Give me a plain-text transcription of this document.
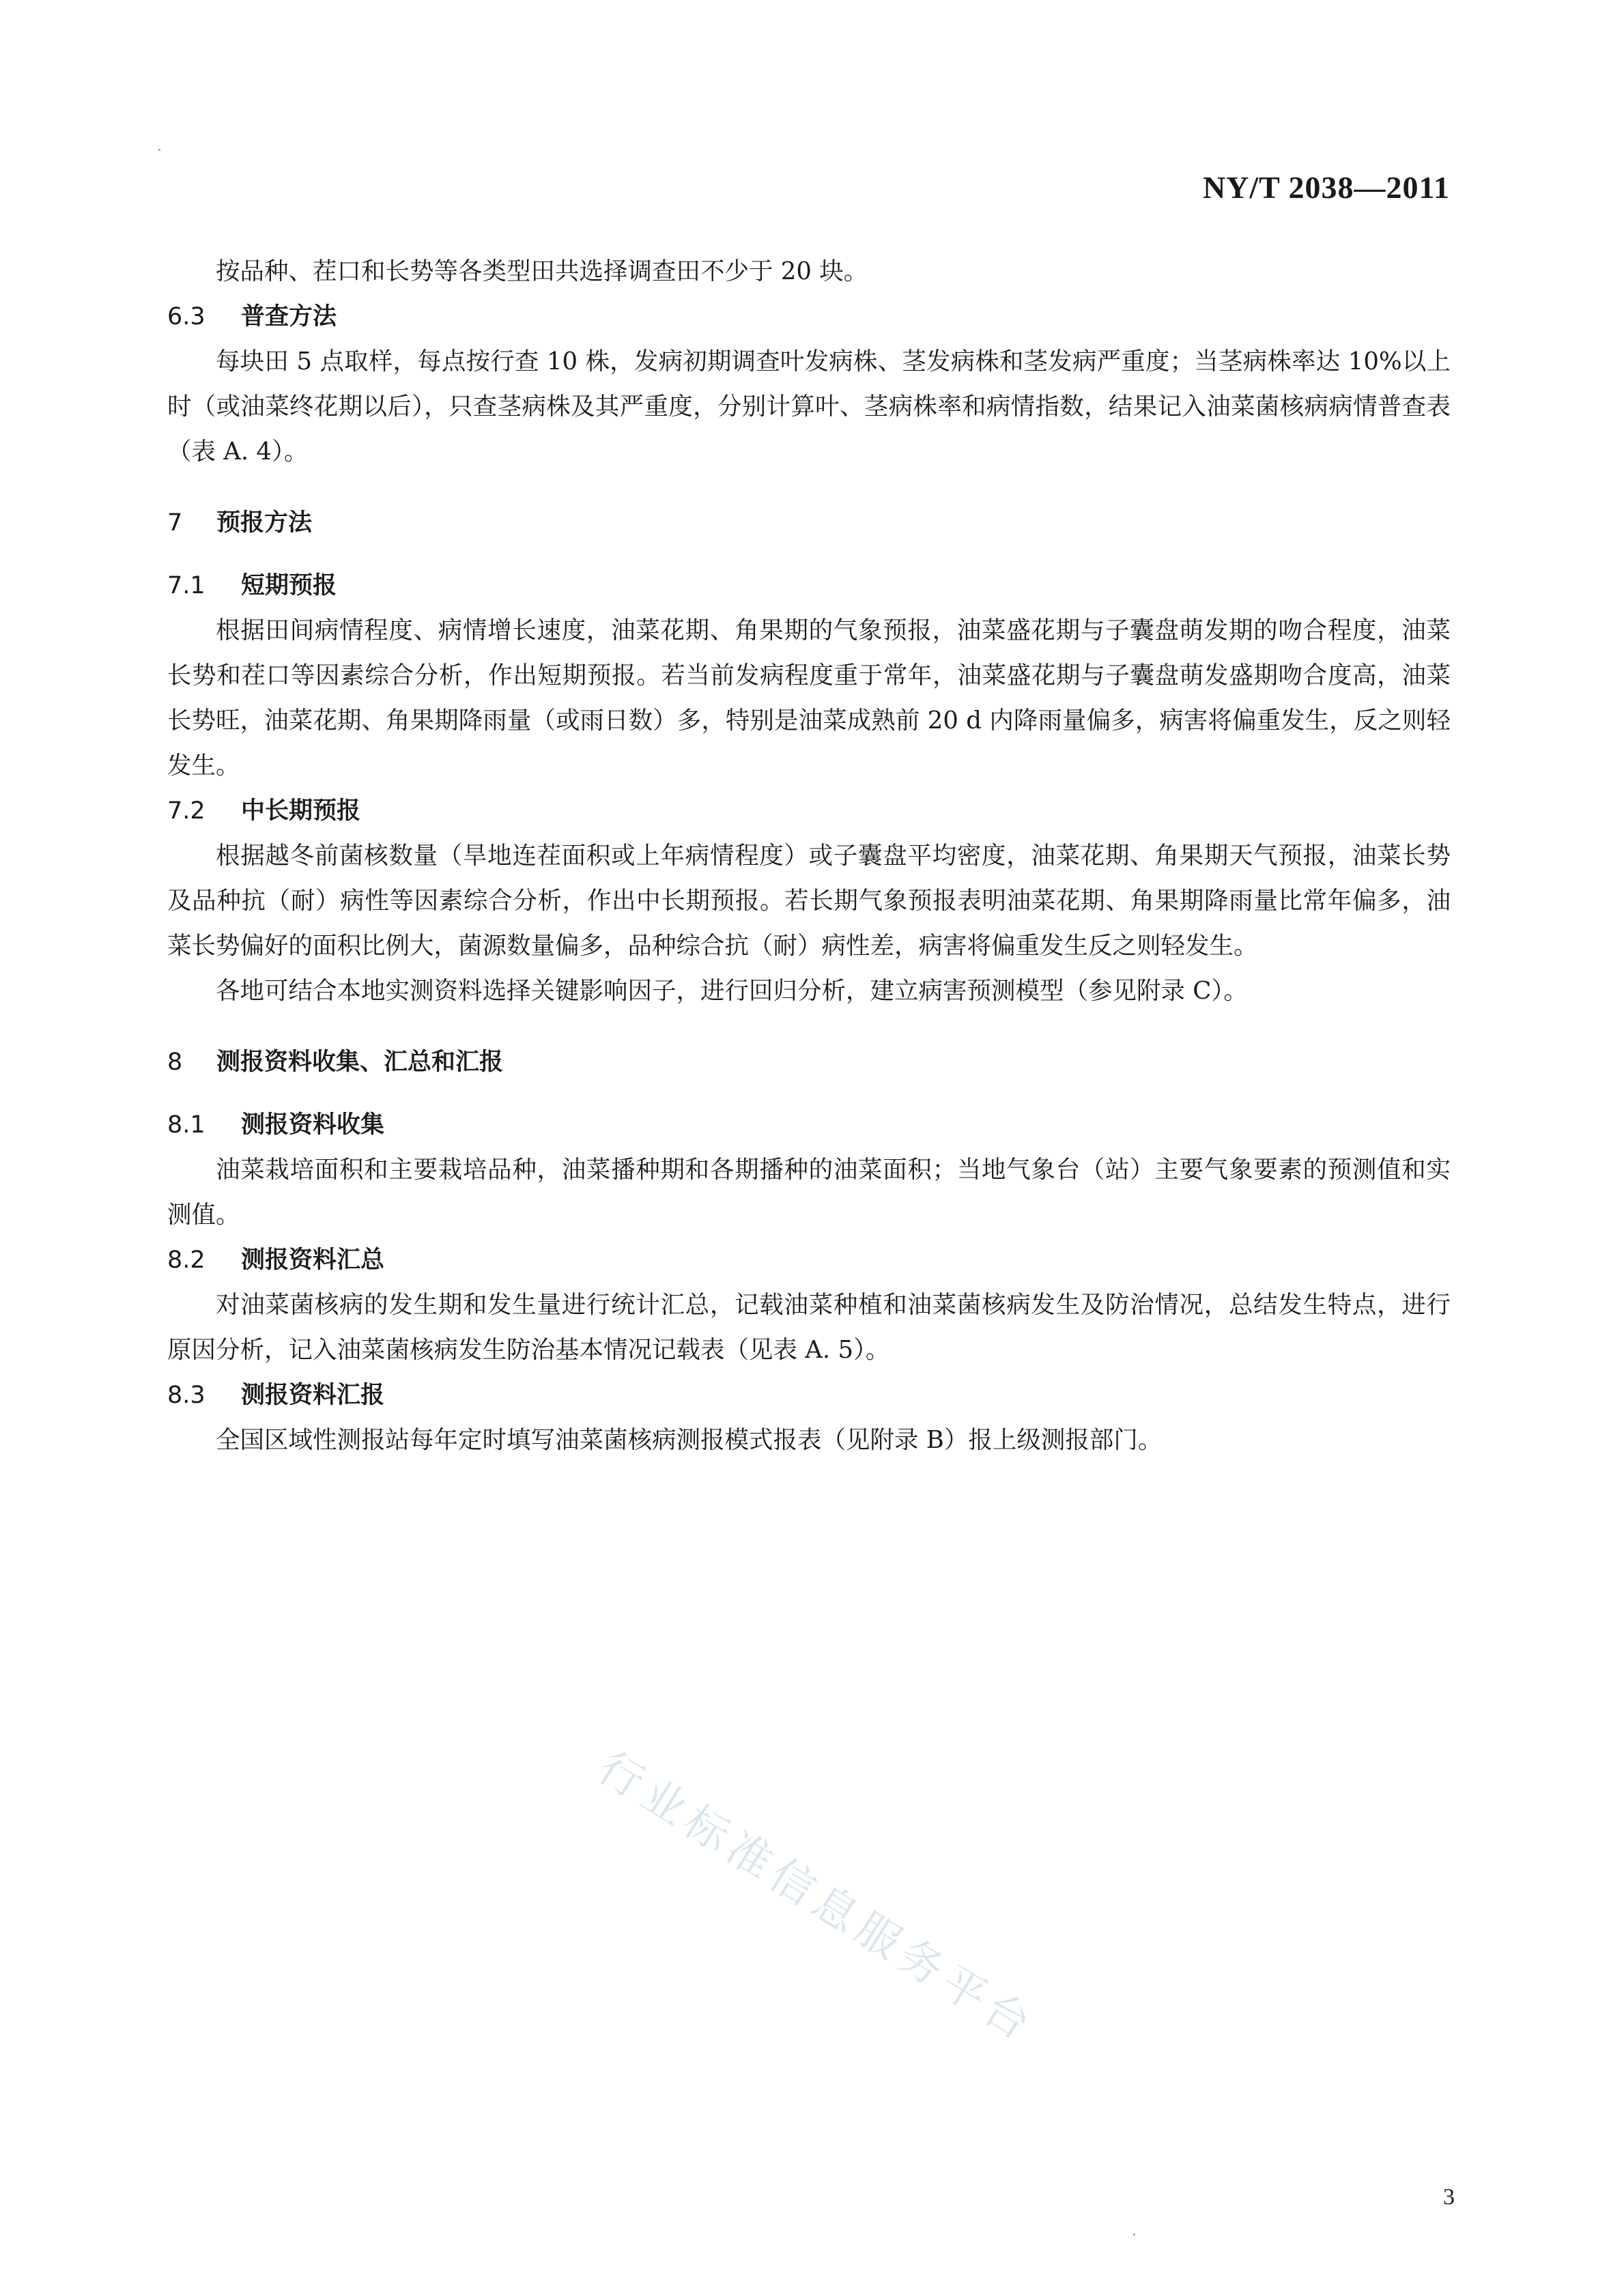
NY/T 2038—2011

按品种、茬口和长势等各类型田共选择调查田不少于 20 块。

6.3	普查方法

每块田 5 点取样，每点按行查 10 株，发病初期调查叶发病株、茎发病株和茎发病严重度；当茎病株率达 10%以上时（或油菜终花期以后），只查茎病株及其严重度，分别计算叶、茎病株率和病情指数，结果记入油菜菌核病病情普查表（表 A. 4）。

7	预报方法
7.1	短期预报

根据田间病情程度、病情增长速度，油菜花期、角果期的气象预报，油菜盛花期与子囊盘萌发期的吻合程度，油菜长势和茬口等因素综合分析，作出短期预报。若当前发病程度重于常年，油菜盛花期与子囊盘萌发盛期吻合度高，油菜长势旺，油菜花期、角果期降雨量（或雨日数）多，特别是油菜成熟前 20 d 内降雨量偏多，病害将偏重发生，反之则轻发生。

7.2	中长期预报

根据越冬前菌核数量（旱地连茬面积或上年病情程度）或子囊盘平均密度，油菜花期、角果期天气预报，油菜长势及品种抗（耐）病性等因素综合分析，作出中长期预报。若长期气象预报表明油菜花期、角果期降雨量比常年偏多，油菜长势偏好的面积比例大，菌源数量偏多，品种综合抗（耐）病性差，病害将偏重发生反之则轻发生。

各地可结合本地实测资料选择关键影响因子，进行回归分析，建立病害预测模型（参见附录 C）。

8	测报资料收集、汇总和汇报
8.1	测报资料收集

油菜栽培面积和主要栽培品种，油菜播种期和各期播种的油菜面积；当地气象台（站）主要气象要素的预测值和实测值。

8.2	测报资料汇总

对油菜菌核病的发生期和发生量进行统计汇总，记载油菜种植和油菜菌核病发生及防治情况，总结发生特点，进行原因分析，记入油菜菌核病发生防治基本情况记载表（见表 A. 5）。

8.3	测报资料汇报

全国区域性测报站每年定时填写油菜菌核病测报模式报表（见附录 B）报上级测报部门。

行业标准信息服务平台
3
